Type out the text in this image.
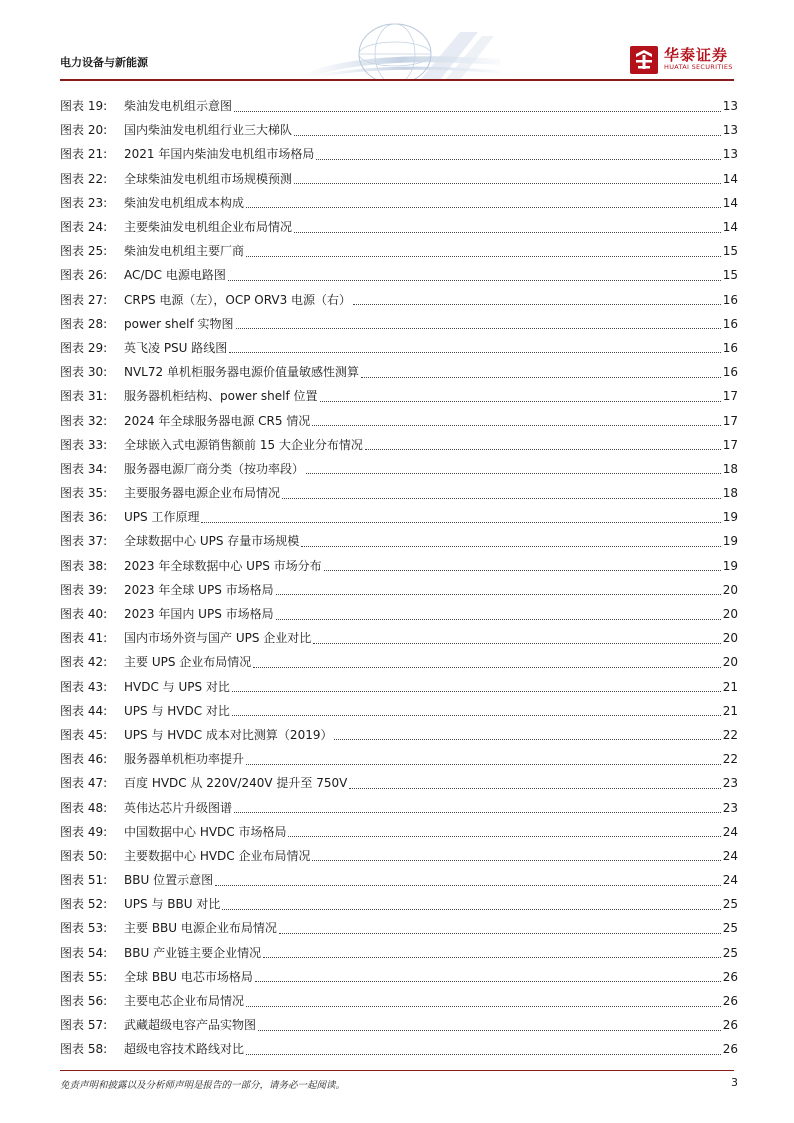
电力设备与新能源	华泰证券
HUATAI SECURITIES
图表 19:	柴油发电机组示意图	13
图表 20:	国内柴油发电机组行业三大梯队	13
图表 21:	2021 年国内柴油发电机组市场格局	13
图表 22:	全球柴油发电机组市场规模预测	14
图表 23:	柴油发电机组成本构成	14
图表 24:	主要柴油发电机组企业布局情况	14
图表 25:	柴油发电机组主要厂商	15
图表 26:	AC/DC 电源电路图	15
图表 27:	CRPS 电源（左），OCP ORV3 电源（右）	16
图表 28:	power shelf 实物图	16
图表 29:	英飞凌 PSU 路线图	16
图表 30:	NVL72 单机柜服务器电源价值量敏感性测算	16
图表 31:	服务器机柜结构、power shelf 位置	17
图表 32:	2024 年全球服务器电源 CR5 情况	17
图表 33:	全球嵌入式电源销售额前 15 大企业分布情况	17
图表 34:	服务器电源厂商分类（按功率段）	18
图表 35:	主要服务器电源企业布局情况	18
图表 36:	UPS 工作原理	19
图表 37:	全球数据中心 UPS 存量市场规模	19
图表 38:	2023 年全球数据中心 UPS 市场分布	19
图表 39:	2023 年全球 UPS 市场格局	20
图表 40:	2023 年国内 UPS 市场格局	20
图表 41:	国内市场外资与国产 UPS 企业对比	20
图表 42:	主要 UPS 企业布局情况	20
图表 43:	HVDC 与 UPS 对比	21
图表 44:	UPS 与 HVDC 对比	21
图表 45:	UPS 与 HVDC 成本对比测算（2019）	22
图表 46:	服务器单机柜功率提升	22
图表 47:	百度 HVDC 从 220V/240V 提升至 750V	23
图表 48:	英伟达芯片升级图谱	23
图表 49:	中国数据中心 HVDC 市场格局	24
图表 50:	主要数据中心 HVDC 企业布局情况	24
图表 51:	BBU 位置示意图	24
图表 52:	UPS 与 BBU 对比	25
图表 53:	主要 BBU 电源企业布局情况	25
图表 54:	BBU 产业链主要企业情况	25
图表 55:	全球 BBU 电芯市场格局	26
图表 56:	主要电芯企业布局情况	26
图表 57:	武藏超级电容产品实物图	26
图表 58:	超级电容技术路线对比	26
免责声明和披露以及分析师声明是报告的一部分，请务必一起阅读。	3
